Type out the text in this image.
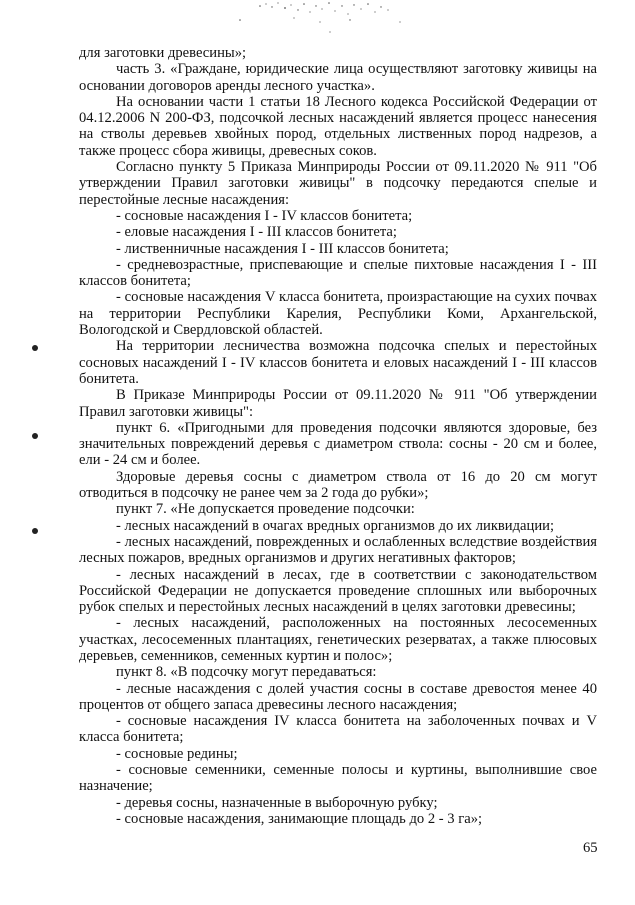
для заготовки древесины»;

часть 3. «Граждане, юридические лица осуществляют заготовку живицы на основании договоров аренды лесного участка».

На основании части 1 статьи 18 Лесного кодекса Российской Федерации от 04.12.2006 N 200-ФЗ, подсочкой лесных насаждений является процесс нанесения на стволы деревьев хвойных пород, отдельных лиственных пород надрезов, а также процесс сбора живицы, древесных соков.

Согласно пункту 5 Приказа Минприроды России от 09.11.2020 № 911 "Об утверждении Правил заготовки живицы" в подсочку передаются спелые и перестойные лесные насаждения:

- сосновые насаждения I - IV классов бонитета;

- еловые насаждения I - III классов бонитета;

- лиственничные насаждения I - III классов бонитета;

- средневозрастные, приспевающие и спелые пихтовые насаждения I - III классов бонитета;

- сосновые насаждения V класса бонитета, произрастающие на сухих почвах на территории Республики Карелия, Республики Коми, Архангельской, Вологодской и Свердловской областей.

На территории лесничества возможна подсочка спелых и перестойных сосновых насаждений I - IV классов бонитета и еловых насаждений I - III классов бонитета.

В Приказе Минприроды России от 09.11.2020 № 911 "Об утверждении Правил заготовки живицы":

пункт 6. «Пригодными для проведения подсочки являются здоровые, без значительных повреждений деревья с диаметром ствола: сосны - 20 см и более, ели - 24 см и более.

Здоровые деревья сосны с диаметром ствола от 16 до 20 см могут отводиться в подсочку не ранее чем за 2 года до рубки»;

пункт 7. «Не допускается проведение подсочки:

- лесных насаждений в очагах вредных организмов до их ликвидации;

- лесных насаждений, поврежденных и ослабленных вследствие воздействия лесных пожаров, вредных организмов и других негативных факторов;

- лесных насаждений в лесах, где в соответствии с законодательством Российской Федерации не допускается проведение сплошных или выборочных рубок спелых и перестойных лесных насаждений в целях заготовки древесины;

- лесных насаждений, расположенных на постоянных лесосеменных участках, лесосеменных плантациях, генетических резерватах, а также плюсовых деревьев, семенников, семенных куртин и полос»;

пункт 8. «В подсочку могут передаваться:

- лесные насаждения с долей участия сосны в составе древостоя менее 40 процентов от общего запаса древесины лесного насаждения;

- сосновые насаждения IV класса бонитета на заболоченных почвах и V класса бонитета;

- сосновые редины;

- сосновые семенники, семенные полосы и куртины, выполнившие свое назначение;

- деревья сосны, назначенные в выборочную рубку;

- сосновые насаждения, занимающие площадь до 2 - 3 га»;

65
